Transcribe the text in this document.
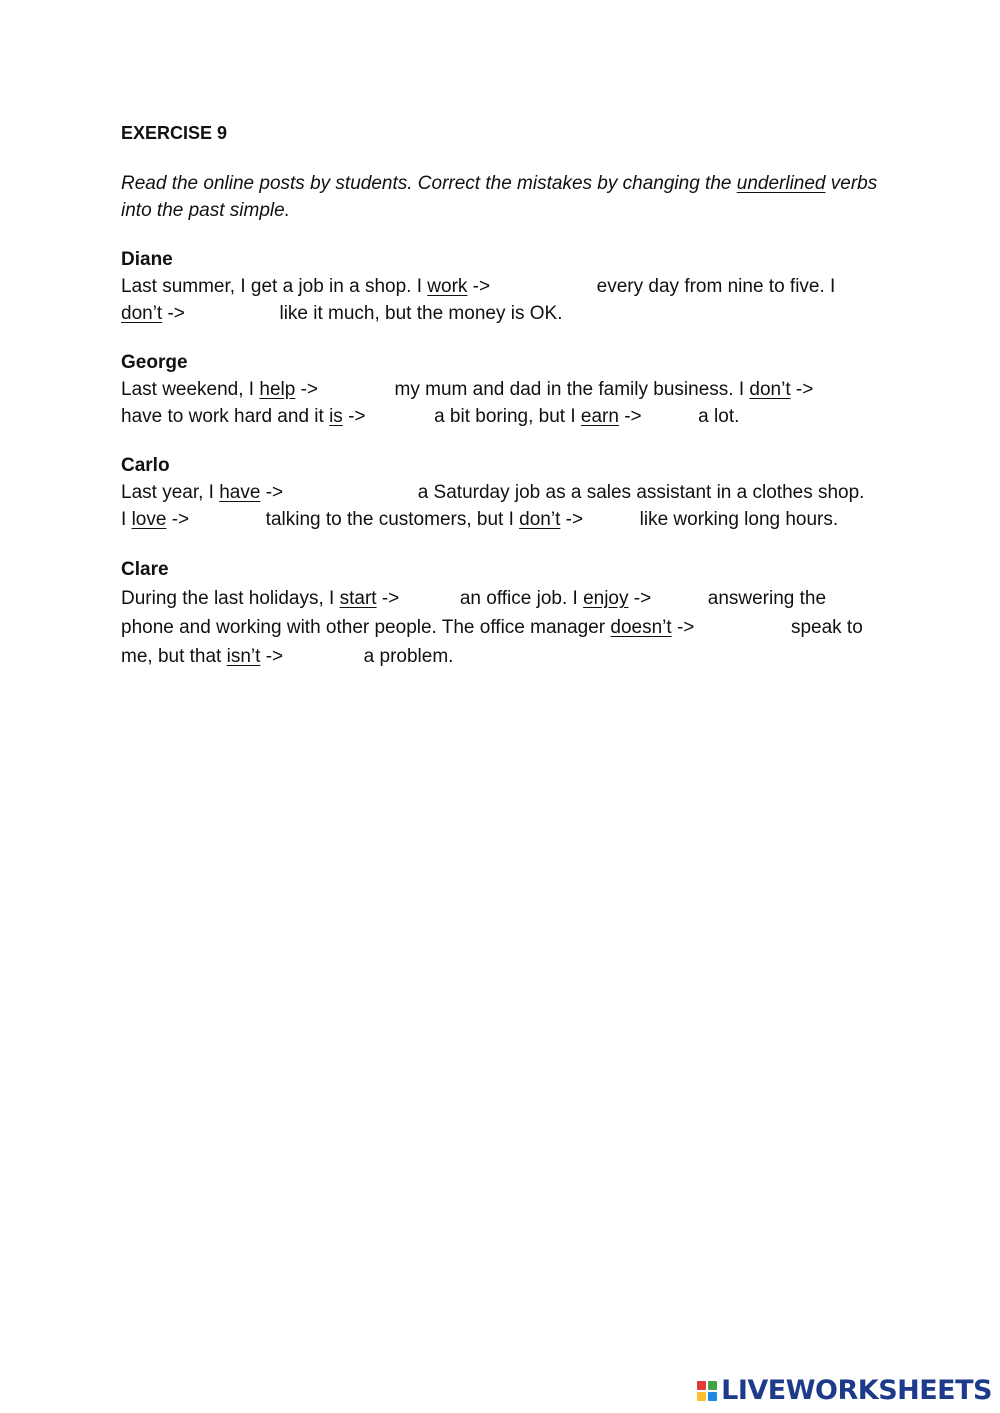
EXERCISE 9

Read the online posts by students. Correct the mistakes by changing the underlined verbs into the past simple.

Diane
Last summer, I get a job in a shop. I work ->	every day from nine to five. I
don’t ->	like it much, but the money is OK.
George
Last weekend, I help ->	my mum and dad in the family business. I don’t ->
have to work hard and it is ->	a bit boring, but I earn ->  a lot.
Carlo
Last year, I have ->	a Saturday job as a sales assistant in a clothes shop.
I love ->	talking to the customers, but I don’t ->  like working long hours.
Clare
During the last holidays, I start ->	an office job. I enjoy ->  answering the phone and working with other people. The office manager doesn’t ->	speak to me, but that isn’t ->	a problem.
LIVEWORKSHEETS
